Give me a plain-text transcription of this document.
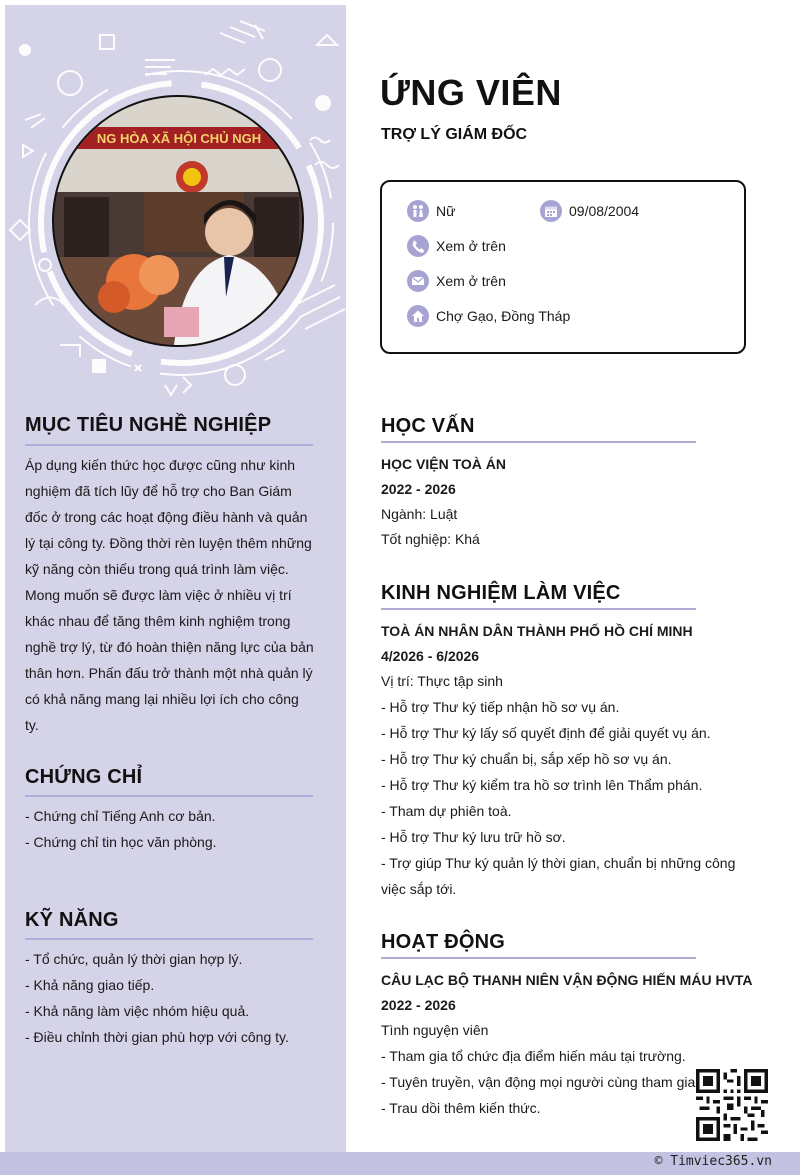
NG HÒA XÃ HỘI CHỦ NGH
MỤC TIÊU NGHỀ NGHIỆP
Áp dụng kiến thức học được cũng như kinh
nghiệm đã tích lũy để hỗ trợ cho Ban Giám
đốc ở trong các hoạt động điều hành và quản
lý tại công ty. Đồng thời rèn luyện thêm những
kỹ năng còn thiếu trong quá trình làm việc.
Mong muốn sẽ được làm việc ở nhiều vị trí
khác nhau để tăng thêm kinh nghiệm trong
nghề trợ lý, từ đó hoàn thiện năng lực của bản
thân hơn. Phấn đấu trở thành một nhà quản lý
có khả năng mang lại nhiều lợi ích cho công
ty.
CHỨNG CHỈ
- Chứng chỉ Tiếng Anh cơ bản.
- Chứng chỉ tin học văn phòng.
KỸ NĂNG
- Tổ chức, quản lý thời gian hợp lý.
- Khả năng giao tiếp.
- Khả năng làm việc nhóm hiệu quả.
- Điều chỉnh thời gian phù hợp với công ty.
ỨNG VIÊN
TRỢ LÝ GIÁM ĐỐC
Nữ	09/08/2004
Xem ở trên
Xem ở trên
Chợ Gạo, Đồng Tháp
HỌC VẤN
HỌC VIỆN TOÀ ÁN
2022 - 2026
Ngành: Luật
Tốt nghiệp: Khá
KINH NGHIỆM LÀM VIỆC
TOÀ ÁN NHÂN DÂN THÀNH PHỐ HỒ CHÍ MINH
4/2026 - 6/2026
Vị trí: Thực tập sinh
- Hỗ trợ Thư ký tiếp nhận hồ sơ vụ án.
- Hỗ trợ Thư ký lấy số quyết định để giải quyết vụ án.
- Hỗ trợ Thư ký chuẩn bị, sắp xếp hồ sơ vụ án.
- Hỗ trợ Thư ký kiểm tra hồ sơ trình lên Thẩm phán.
- Tham dự phiên toà.
- Hỗ trợ Thư ký lưu trữ hồ sơ.
- Trợ giúp Thư ký quản lý thời gian, chuẩn bị những công
việc sắp tới.
HOẠT ĐỘNG
CÂU LẠC BỘ THANH NIÊN VẬN ĐỘNG HIẾN MÁU HVTA
2022 - 2026
Tình nguyện viên
- Tham gia tổ chức địa điểm hiến máu tại trường.
- Tuyên truyền, vận động mọi người cùng tham gia
- Trau dồi thêm kiến thức.
© Timviec365.vn
